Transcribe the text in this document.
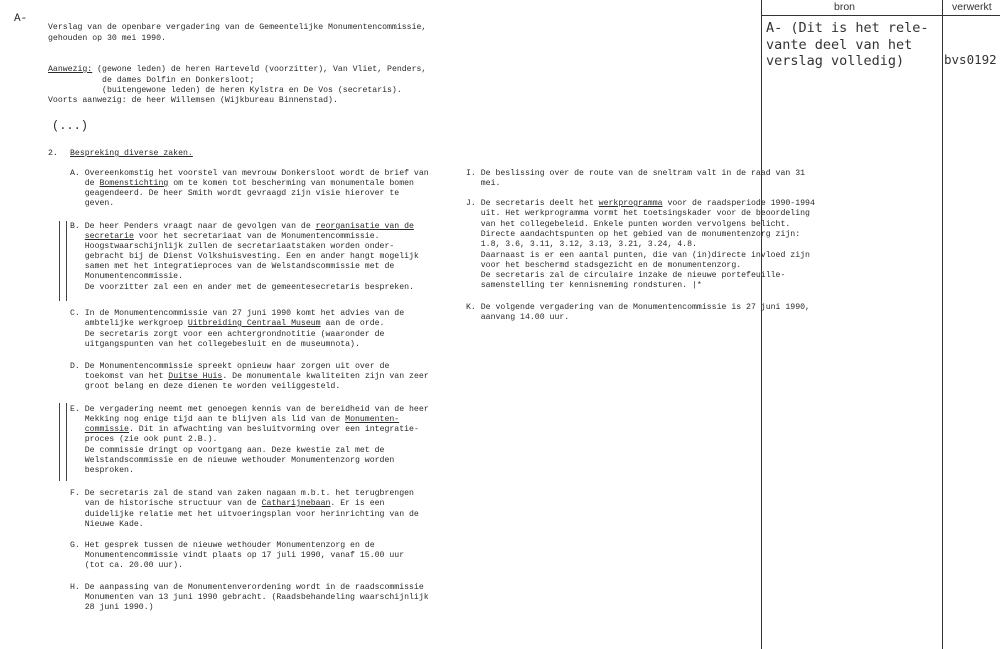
bron	verwerkt
A- (Dit is het rele-
vante deel van het
verslag volledig)	bvs0192
A-
Verslag van de openbare vergadering van de Gemeentelijke Monumentencommissie,
gehouden op 30 mei 1990.
Aanwezig: (gewone leden) de heren Harteveld (voorzitter), Van Vliet, Penders,
de dames Dolfin en Donkersloot;
(buitengewone leden) de heren Kylstra en De Vos (secretaris).
Voorts aanwezig: de heer Willemsen (Wijkbureau Binnenstad).
(...)
2. Bespreking diverse zaken.
A. Overeenkomstig het voorstel van mevrouw Donkersloot wordt de brief van
de Bomenstichting om te komen tot bescherming van monumentale bomen
geagendeerd. De heer Smith wordt gevraagd zijn visie hierover te
geven.
B. De heer Penders vraagt naar de gevolgen van de reorganisatie van de
secretarie voor het secretariaat van de Monumentencommissie.
Hoogstwaarschijnlijk zullen de secretariaatstaken worden onder-
gebracht bij de Dienst Volkshuisvesting. Een en ander hangt mogelijk
samen met het integratieproces van de Welstandscommissie met de
Monumentencommissie.
De voorzitter zal een en ander met de gemeentesecretaris bespreken.
C. In de Monumentencommissie van 27 juni 1990 komt het advies van de
ambtelijke werkgroep Uitbreiding Centraal Museum aan de orde.
De secretaris zorgt voor een achtergrondnotitie (waaronder de
uitgangspunten van het collegebesluit en de museumnota).
D. De Monumentencommissie spreekt opnieuw haar zorgen uit over de
toekomst van het Duitse Huis. De monumentale kwaliteiten zijn van zeer
groot belang en deze dienen te worden veiliggesteld.
E. De vergadering neemt met genoegen kennis van de bereidheid van de heer
Mekking nog enige tijd aan te blijven als lid van de Monumenten-
commissie. Dit in afwachting van besluitvorming over een integratie-
proces (zie ook punt 2.B.).
De commissie dringt op voortgang aan. Deze kwestie zal met de
Welstandscommissie en de nieuwe wethouder Monumentenzorg worden
besproken.
F. De secretaris zal de stand van zaken nagaan m.b.t. het terugbrengen
van de historische structuur van de Catharijnebaan. Er is een
duidelijke relatie met het uitvoeringsplan voor herinrichting van de
Nieuwe Kade.
G. Het gesprek tussen de nieuwe wethouder Monumentenzorg en de
Monumentencommissie vindt plaats op 17 juli 1990, vanaf 15.00 uur
(tot ca. 20.00 uur).
H. De aanpassing van de Monumentenverordening wordt in de raadscommissie
Monumenten van 13 juni 1990 gebracht. (Raadsbehandeling waarschijnlijk
28 juni 1990.)
I. De beslissing over de route van de sneltram valt in de raad van 31
mei.
J. De secretaris deelt het werkprogramma voor de raadsperiode 1990-1994
uit. Het werkprogramma vormt het toetsingskader voor de beoordeling
van het collegebeleid. Enkele punten worden vervolgens belicht.
Directe aandachtspunten op het gebied van de monumentenzorg zijn:
1.8, 3.6, 3.11, 3.12, 3.13, 3.21, 3.24, 4.8.
Daarnaast is er een aantal punten, die van (in)directe invloed zijn
voor het beschermd stadsgezicht en de monumentenzorg.
De secretaris zal de circulaire inzake de nieuwe portefeuille-
samenstelling ter kennisneming rondsturen. |*
K. De volgende vergadering van de Monumentencommissie is 27 juni 1990,
aanvang 14.00 uur.
